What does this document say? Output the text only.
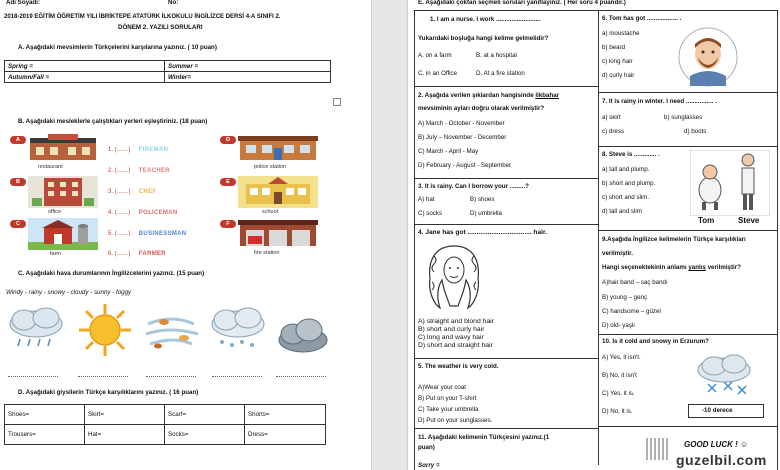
Adı Soyadı:	No:
2018-2019 EĞİTİM ÖĞRETİM YILI İBRİKTEPE ATATÜRK İLKOKULU İNGİLİZCE DERSİ 4-A SINIFI 2.
DÖNEM 2. YAZILI SORULARI
A. Aşağıdaki mevsimlerin Türkçelerini karşılarına yazınız. ( 10 puan)
Spring =	Summer =
Autumn/Fall =	Winter=
B. Aşağıdaki mesleklerle çalıştıkları yerleri eşleştiriniz. (18 puan)
A
restaurant
B
office
C
farm
1. (.......) FIREMAN
2. (.......) TEACHER
3. (.......) CHEF
4. (.......) POLICEMAN
5. (.......) BUSINESSMAN
6. (.......) FARMER
D
police station
E
school
F
fire station
C. Aşağıdaki hava durumlarının İngilizcelerini yazınız. (15 puan)
Windy - rainy - snowy - cloudy - sunny - foggy
D. Aşağıdaki giysilerin Türkçe karşılıklarını yazınız. ( 16 puan)
Shoes=	Skirt=	Scarf=	Shorts=
Trousers=	Hat=	Socks=	Dress=
E. Aşağıdaki çoktan seçmeli soruları yanıtlayınız. ( Her soru 4 puandır.)
1. I am a nurse. I work ..........................
Yukarıdaki boşluğa hangi kelime gelmelidir?
A. on a farm	B. at a hospital
C. in an Office	D. At a fire station
2. Aşağıda verilen şıklardan hangisinde likbahar
mevsiminin ayları doğru olarak verilmiştir?
A) March - October - November
B) July – November - December
C) March - April - May
D) February - August - September
3. It is rainy. Can I borrow your .........?
A) hat	B) shoes
C) socks	D) umbrella
4. Jane has got ................................... hair.
A) straight and blond hair
B) short and curly hair
C) long and wavy hair
D) short and straight hair
5. The weather is very cold.
A)Wear your coat
B) Put on your T-shirt
C) Take your umbrella
D) Put on your sunglasses.
11. Aşağıdaki kelimenin Türkçesini yazınız.(1
puan)
Sorry =
6. Tom has got .................. .
a) moustache
b) beard
c) long hair
d) curly hair
7. It is rainy in winter. I need ................ .
a) skirt	b) sunglasses
c) dress	d) boots
8. Steve is ............. .
a) tall and plump.
b) short and plump.
c) short and slim.
d) tall and slim
Tom	Steve
9.Aşağıda İngilizce kelimelerin Türkçe karşılıkları
verilmiştir.
Hangi seçenektekinin anlamı yanlış verilmiştir?
A)hair band – saç bandı
B) young – genç
C) handsome – güzel
D) old- yaşlı
10. Is it cold and snowy in Erzurum?
A) Yes, it isn't.
B) No, it isn't
C) Yes, it is.
D) No, it is.	-10 derece
GOOD LUCK ! ☺
guzelbil.com
